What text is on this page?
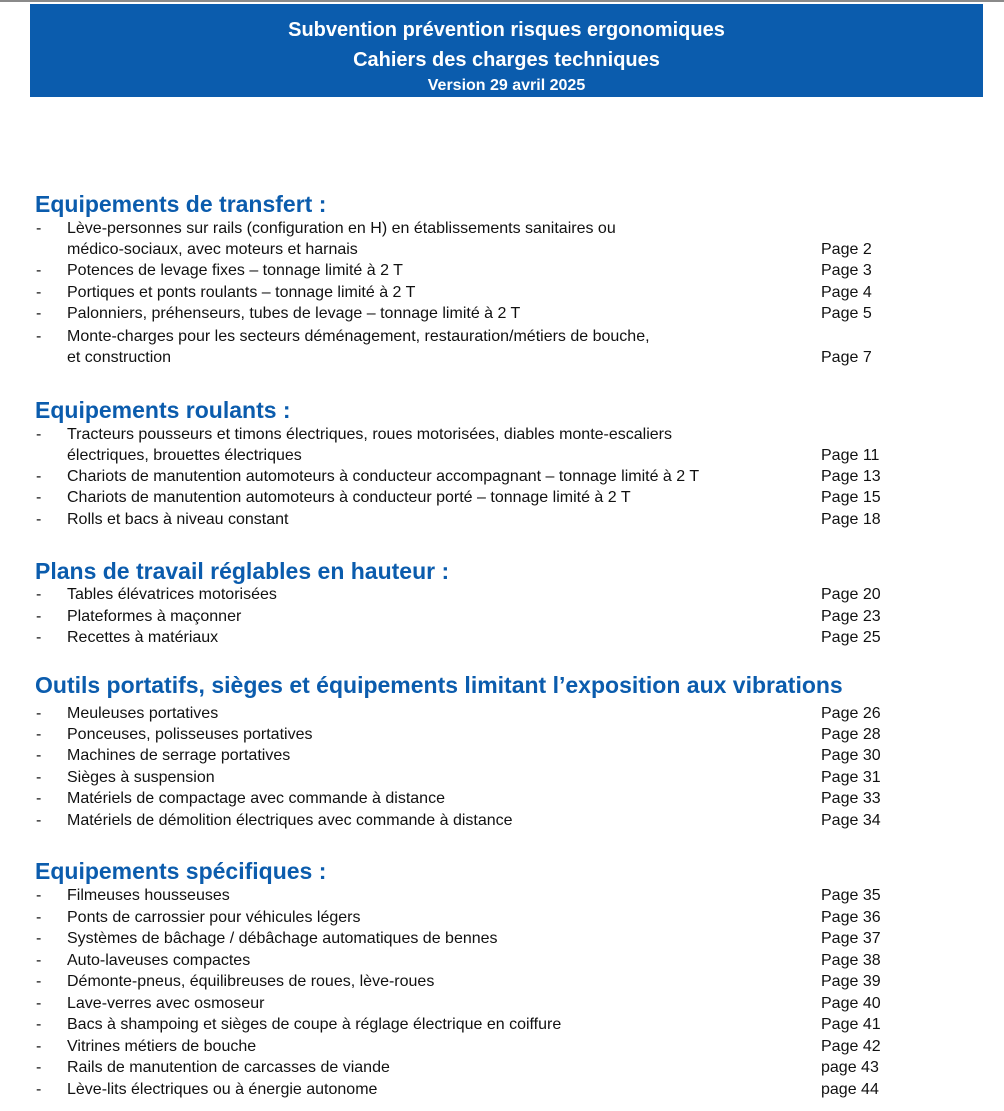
Subvention prévention risques ergonomiques
Cahiers des charges techniques
Version 29 avril 2025
Equipements de transfert :
- Lève-personnes sur rails (configuration en H) en établissements sanitaires ou
médico-sociaux, avec moteurs et harnais	Page 2
- Potences de levage fixes – tonnage limité à 2 T	Page 3
- Portiques et ponts roulants – tonnage limité à 2 T	Page 4
- Palonniers, préhenseurs, tubes de levage – tonnage limité à 2 T	Page 5
- Monte-charges pour les secteurs déménagement, restauration/métiers de bouche,
et construction	Page 7
Equipements roulants :
- Tracteurs pousseurs et timons électriques, roues motorisées, diables monte-escaliers
électriques, brouettes électriques	Page 11
- Chariots de manutention automoteurs à conducteur accompagnant – tonnage limité à 2 T	Page 13
- Chariots de manutention automoteurs à conducteur porté – tonnage limité à 2 T	Page 15
- Rolls et bacs à niveau constant	Page 18
Plans de travail réglables en hauteur :
- Tables élévatrices motorisées	Page 20
- Plateformes à maçonner	Page 23
- Recettes à matériaux	Page 25
Outils portatifs, sièges et équipements limitant l’exposition aux vibrations
- Meuleuses portatives	Page 26
- Ponceuses, polisseuses portatives	Page 28
- Machines de serrage portatives	Page 30
- Sièges à suspension	Page 31
- Matériels de compactage avec commande à distance	Page 33
- Matériels de démolition électriques avec commande à distance	Page 34
Equipements spécifiques :
- Filmeuses housseuses	Page 35
- Ponts de carrossier pour véhicules légers	Page 36
- Systèmes de bâchage / débâchage automatiques de bennes	Page 37
- Auto-laveuses compactes	Page 38
- Démonte-pneus, équilibreuses de roues, lève-roues	Page 39
- Lave-verres avec osmoseur	Page 40
- Bacs à shampoing et sièges de coupe à réglage électrique en coiffure	Page 41
- Vitrines métiers de bouche	Page 42
- Rails de manutention de carcasses de viande	page 43
- Lève-lits électriques ou à énergie autonome	page 44
